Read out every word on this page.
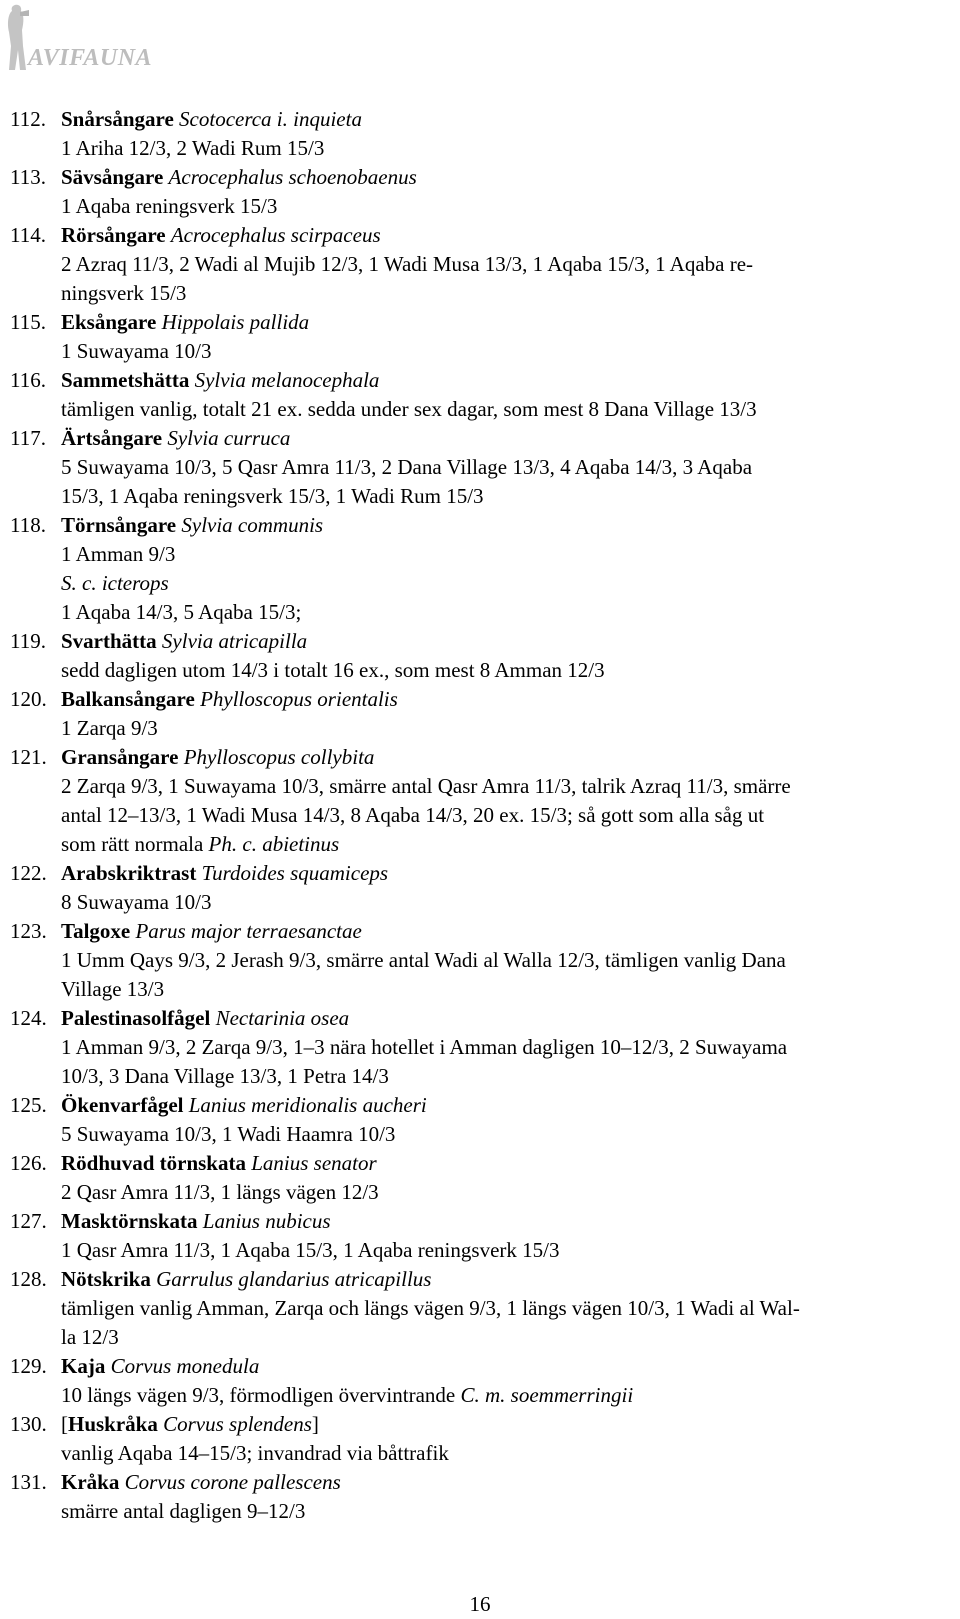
AVIFAUNA
112. Snårsångare Scotocerca i. inquieta
1 Ariha 12/3, 2 Wadi Rum 15/3
113. Sävsångare Acrocephalus schoenobaenus
1 Aqaba reningsverk 15/3
114. Rörsångare Acrocephalus scirpaceus
2 Azraq 11/3, 2 Wadi al Mujib 12/3, 1 Wadi Musa 13/3, 1 Aqaba 15/3, 1 Aqaba re-
ningsverk 15/3
115. Eksångare Hippolais pallida
1 Suwayama 10/3
116. Sammetshätta Sylvia melanocephala
tämligen vanlig, totalt 21 ex. sedda under sex dagar, som mest 8 Dana Village 13/3
117. Ärtsångare Sylvia curruca
5 Suwayama 10/3, 5 Qasr Amra 11/3, 2 Dana Village 13/3, 4 Aqaba 14/3, 3 Aqaba
15/3, 1 Aqaba reningsverk 15/3, 1 Wadi Rum 15/3
118. Törnsångare Sylvia communis
1 Amman 9/3
S. c. icterops
1 Aqaba 14/3, 5 Aqaba 15/3;
119. Svarthätta Sylvia atricapilla
sedd dagligen utom 14/3 i totalt 16 ex., som mest 8 Amman 12/3
120. Balkansångare Phylloscopus orientalis
1 Zarqa 9/3
121. Gransångare Phylloscopus collybita
2 Zarqa 9/3, 1 Suwayama 10/3, smärre antal Qasr Amra 11/3, talrik Azraq 11/3, smärre
antal 12–13/3, 1 Wadi Musa 14/3, 8 Aqaba 14/3, 20 ex. 15/3; så gott som alla såg ut
som rätt normala Ph. c. abietinus
122. Arabskriktrast Turdoides squamiceps
8 Suwayama 10/3
123. Talgoxe Parus major terraesanctae
1 Umm Qays 9/3, 2 Jerash 9/3, smärre antal Wadi al Walla 12/3, tämligen vanlig Dana
Village 13/3
124. Palestinasolfågel Nectarinia osea
1 Amman 9/3, 2 Zarqa 9/3, 1–3 nära hotellet i Amman dagligen 10–12/3, 2 Suwayama
10/3, 3 Dana Village 13/3, 1 Petra 14/3
125. Ökenvarfågel Lanius meridionalis aucheri
5 Suwayama 10/3, 1 Wadi Haamra 10/3
126. Rödhuvad törnskata Lanius senator
2 Qasr Amra 11/3, 1 längs vägen 12/3
127. Masktörnskata Lanius nubicus
1 Qasr Amra 11/3, 1 Aqaba 15/3, 1 Aqaba reningsverk 15/3
128. Nötskrika Garrulus glandarius atricapillus
tämligen vanlig Amman, Zarqa och längs vägen 9/3, 1 längs vägen 10/3, 1 Wadi al Wal-
la 12/3
129. Kaja Corvus monedula
10 längs vägen 9/3, förmodligen övervintrande C. m. soemmerringii
130. [Huskråka Corvus splendens]
vanlig Aqaba 14–15/3; invandrad via båttrafik
131. Kråka Corvus corone pallescens
smärre antal dagligen 9–12/3
16
